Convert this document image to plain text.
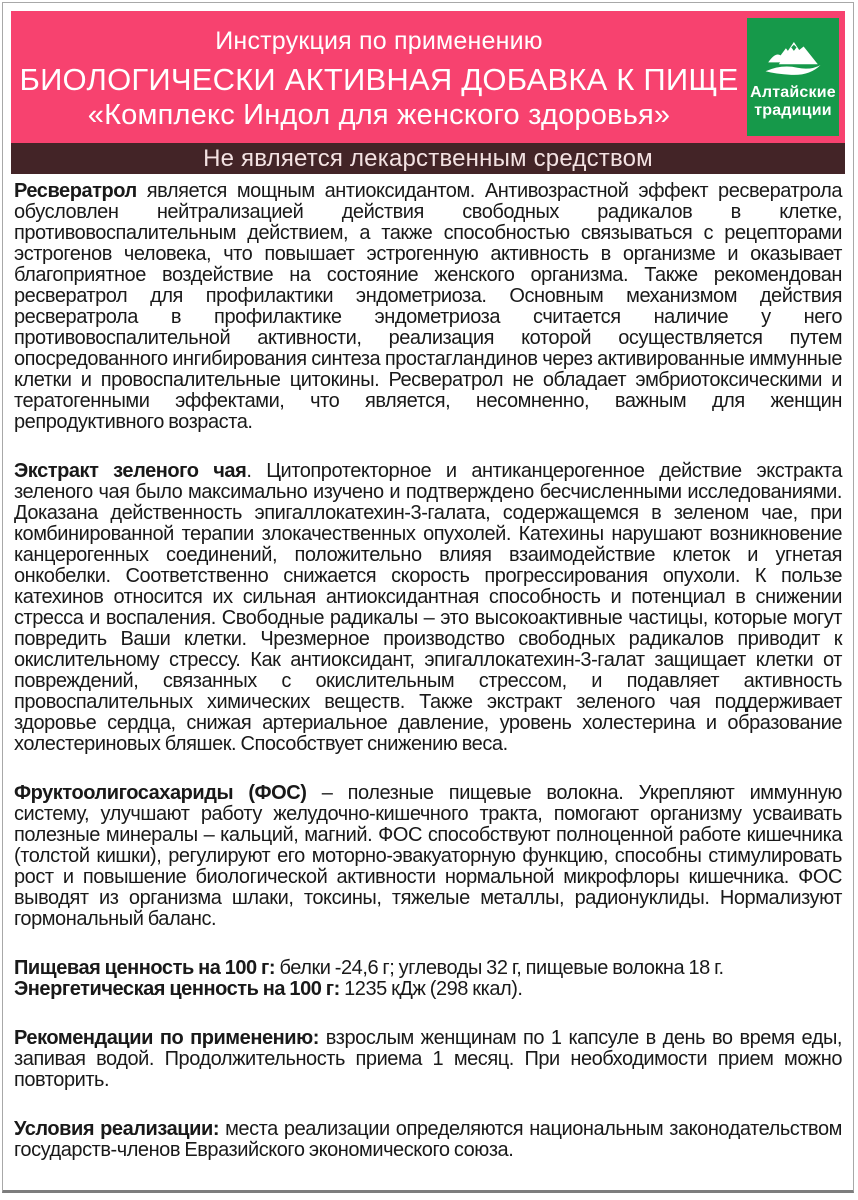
Инструкция по применению
БИОЛОГИЧЕСКИ АКТИВНАЯ ДОБАВКА К ПИЩЕ
«Комплекс Индол для женского здоровья»
Алтайские
традиции
Не является лекарственным средством

Ресвератрол является мощным антиоксидантом. Антивозрастной эффект ресвератрола обусловлен нейтрализацией действия свободных радикалов в клетке, противовоспалительным действием, а также способностью связываться с рецепторами эстрогенов человека, что повышает эстрогенную активность в организме и оказывает благоприятное воздействие на состояние женского организма. Также рекомендован ресвератрол для профилактики эндометриоза. Основным механизмом действия ресвератрола в профилактике эндометриоза считается наличие у него противовоспалительной активности, реализация которой осуществляется путем опосредованного ингибирования синтеза простагландинов через активированные иммунные клетки и провоспалительные цитокины. Ресвератрол не обладает эмбриотоксическими и тератогенными эффектами, что является, несомненно, важным для женщин репродуктивного возраста.

Экстракт зеленого чая. Цитопротекторное и антиканцерогенное действие экстракта зеленого чая было максимально изучено и подтверждено бесчисленными исследованиями. Доказана действенность эпигаллокатехин-3-галата, содержащемся в зеленом чае, при комбинированной терапии злокачественных опухолей. Катехины нарушают возникновение канцерогенных соединений, положительно влияя взаимодействие клеток и угнетая онкобелки. Соответственно снижается скорость прогрессирования опухоли. К пользе катехинов относится их сильная антиоксидантная способность и потенциал в снижении стресса и воспаления. Свободные радикалы – это высокоактивные частицы, которые могут повредить Ваши клетки. Чрезмерное производство свободных радикалов приводит к окислительному стрессу. Как антиоксидант, эпигаллокатехин-3-галат защищает клетки от повреждений, связанных с окислительным стрессом, и подавляет активность провоспалительных химических веществ. Также экстракт зеленого чая поддерживает здоровье сердца, снижая артериальное давление, уровень холестерина и образование холестериновых бляшек. Способствует снижению веса.

Фруктоолигосахариды (ФОС) – полезные пищевые волокна. Укрепляют иммунную систему, улучшают работу желудочно-кишечного тракта, помогают организму усваивать полезные минералы – кальций, магний. ФОС способствуют полноценной работе кишечника (толстой кишки), регулируют его моторно-эвакуаторную функцию, способны стимулировать рост и повышение биологической активности нормальной микрофлоры кишечника. ФОС выводят из организма шлаки, токсины, тяжелые металлы, радионуклиды. Нормализуют гормональный баланс.

Пищевая ценность на 100 г: белки -24,6 г; углеводы 32 г, пищевые волокна 18 г.

Энергетическая ценность на 100 г: 1235 кДж (298 ккал).

Рекомендации по применению: взрослым женщинам по 1 капсуле в день во время еды, запивая водой. Продолжительность приема 1 месяц. При необходимости прием можно повторить.

Условия реализации: места реализации определяются национальным законодательством государств-членов Евразийского экономического союза.
